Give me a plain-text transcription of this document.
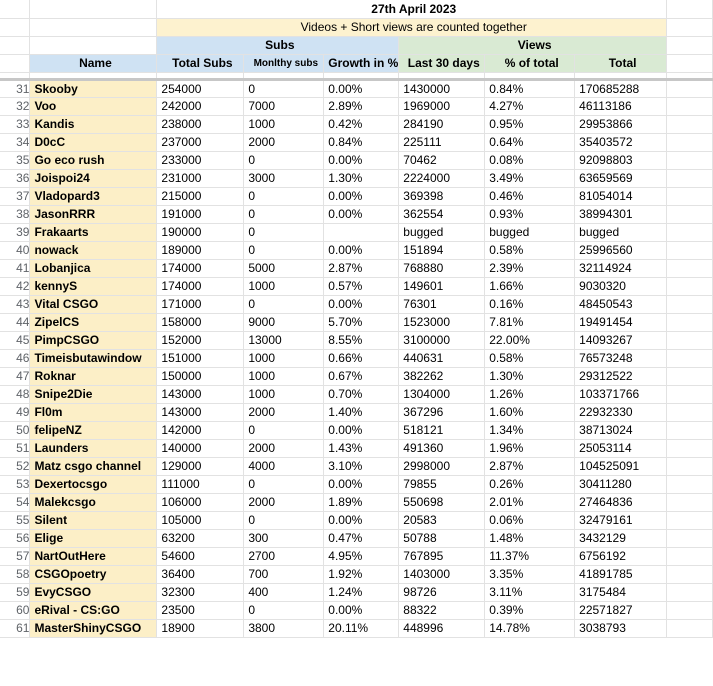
		27th April 2023						
		Videos + Short views are counted together						
		Subs			Views			
	Name	Total Subs	Monlthy subs	Growth in %	Last 30 days	% of total	Total	

31	Skooby	254000	0	0.00%	1430000	0.84%	170685288	
32	Voo	242000	7000	2.89%	1969000	4.27%	46113186	
33	Kandis	238000	1000	0.42%	284190	0.95%	29953866	
34	D0cC	237000	2000	0.84%	225111	0.64%	35403572	
35	Go eco rush	233000	0	0.00%	70462	0.08%	92098803	
36	Joispoi24	231000	3000	1.30%	2224000	3.49%	63659569	
37	Vladopard3	215000	0	0.00%	369398	0.46%	81054014	
38	JasonRRR	191000	0	0.00%	362554	0.93%	38994301	
39	Frakaarts	190000	0		bugged	bugged	bugged	
40	nowack	189000	0	0.00%	151894	0.58%	25996560	
41	Lobanjica	174000	5000	2.87%	768880	2.39%	32114924	
42	kennyS	174000	1000	0.57%	149601	1.66%	9030320	
43	Vital CSGO	171000	0	0.00%	76301	0.16%	48450543	
44	ZipelCS	158000	9000	5.70%	1523000	7.81%	19491454	
45	PimpCSGO	152000	13000	8.55%	3100000	22.00%	14093267	
46	Timeisbutawindow	151000	1000	0.66%	440631	0.58%	76573248	
47	Roknar	150000	1000	0.67%	382262	1.30%	29312522	
48	Snipe2Die	143000	1000	0.70%	1304000	1.26%	103371766	
49	Fl0m	143000	2000	1.40%	367296	1.60%	22932330	
50	felipeNZ	142000	0	0.00%	518121	1.34%	38713024	
51	Launders	140000	2000	1.43%	491360	1.96%	25053114	
52	Matz csgo channel	129000	4000	3.10%	2998000	2.87%	104525091	
53	Dexertocsgo	111000	0	0.00%	79855	0.26%	30411280	
54	Malekcsgo	106000	2000	1.89%	550698	2.01%	27464836	
55	Silent	105000	0	0.00%	20583	0.06%	32479161	
56	Elige	63200	300	0.47%	50788	1.48%	3432129	
57	NartOutHere	54600	2700	4.95%	767895	11.37%	6756192	
58	CSGOpoetry	36400	700	1.92%	1403000	3.35%	41891785	
59	EvyCSGO	32300	400	1.24%	98726	3.11%	3175484	
60	eRival - CS:GO	23500	0	0.00%	88322	0.39%	22571827	
61	MasterShinyCSGO	18900	3800	20.11%	448996	14.78%	3038793	
